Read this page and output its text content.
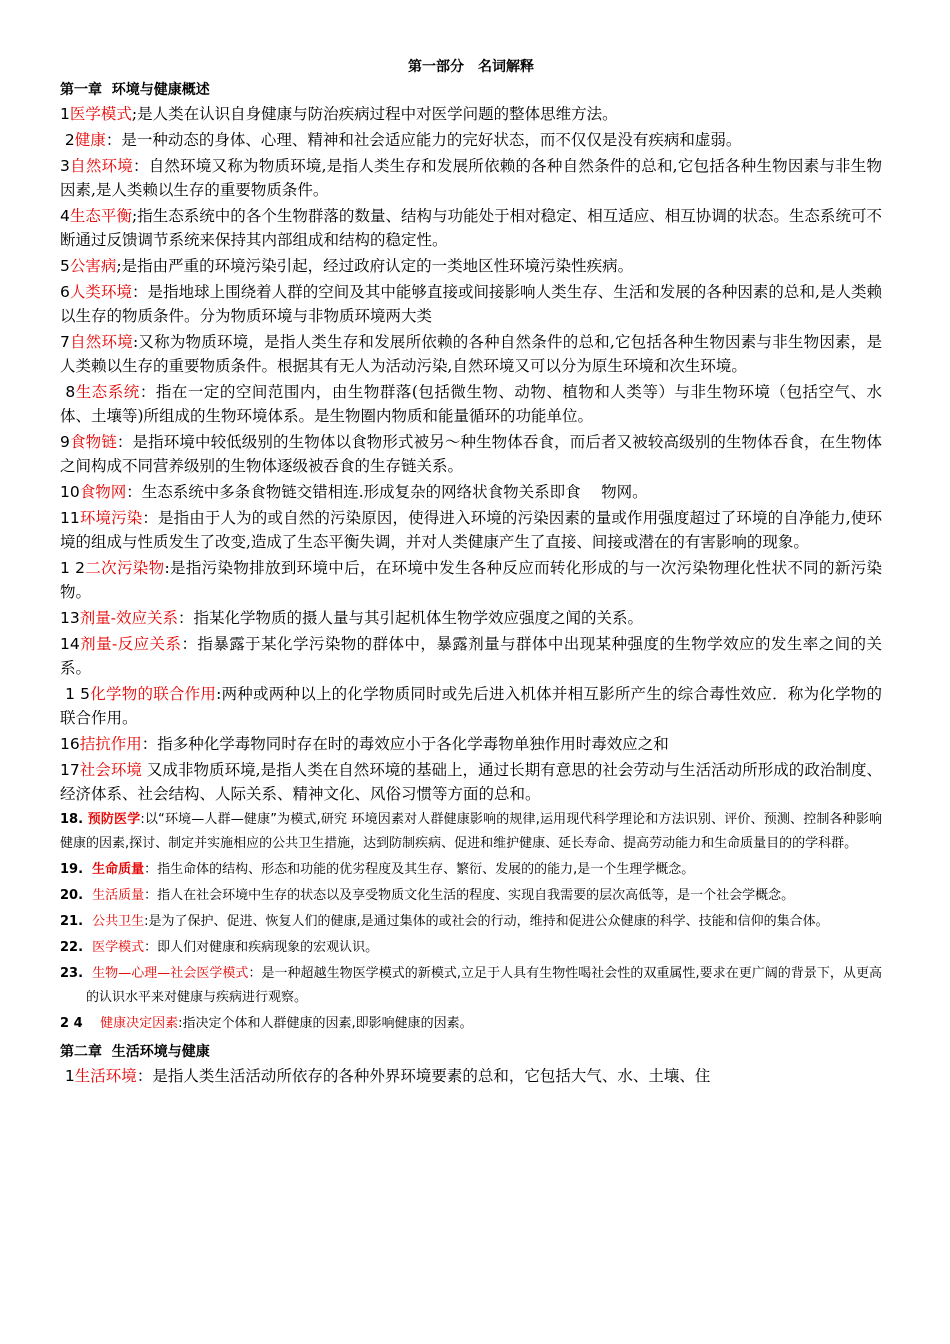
第一部分　名词解释
第一章  环境与健康概述
1医学模式;是人类在认识自身健康与防治疾病过程中对医学问题的整体思维方法。
2健康：是一种动态的身体、心理、精神和社会适应能力的完好状态，而不仅仅是没有疾病和虚弱。
3自然环境：自然环境又称为物质环境,是指人类生存和发展所依赖的各种自然条件的总和,它包括各种生物因素与非生物因素,是人类赖以生存的重要物质条件。
4生态平衡;指生态系统中的各个生物群落的数量、结构与功能处于相对稳定、相互适应、相互协调的状态。生态系统可不断通过反馈调节系统来保持其内部组成和结构的稳定性。
5公害病;是指由严重的环境污染引起，经过政府认定的一类地区性环境污染性疾病。
6人类环境：是指地球上围绕着人群的空间及其中能够直接或间接影响人类生存、生活和发展的各种因素的总和,是人类赖以生存的物质条件。分为物质环境与非物质环境两大类
7自然环境:又称为物质环境，是指人类生存和发展所依赖的各种自然条件的总和,它包括各种生物因素与非生物因素，是人类赖以生存的重要物质条件。根据其有无人为活动污染,自然环境又可以分为原生环境和次生环境。
8生态系统：指在一定的空间范围内，由生物群落(包括微生物、动物、植物和人类等）与非生物环境（包括空气、水体、土壤等)所组成的生物环境体系。是生物圈内物质和能量循环的功能单位。
9食物链：是指环境中较低级别的生物体以食物形式被另～种生物体吞食，而后者又被较高级别的生物体吞食，在生物体之间构成不同营养级别的生物体逐级被吞食的生存链关系。
10食物网：生态系统中多条食物链交错相连.形成复杂的网络状食物关系即食　 物网。
11环境污染：是指由于人为的或自然的污染原因，使得进入环境的污染因素的量或作用强度超过了环境的自净能力,使环境的组成与性质发生了改变,造成了生态平衡失调，并对人类健康产生了直接、间接或潜在的有害影响的现象。
1 2二次污染物:是指污染物排放到环境中后，在环境中发生各种反应而转化形成的与一次污染物理化性状不同的新污染物。
13剂量-效应关系：指某化学物质的摄人量与其引起机体生物学效应强度之闻的关系。
14剂量-反应关系：指暴露于某化学污染物的群体中，暴露剂量与群体中出现某种强度的生物学效应的发生率之间的关系。
1 5化学物的联合作用:两种或两种以上的化学物质同时或先后进入机体并相互影所产生的综合毒性效应．称为化学物的联合作用。
16拮抗作用：指多种化学毒物同时存在时的毒效应小于各化学毒物单独作用时毒效应之和
17社会环境 又成非物质环境,是指人类在自然环境的基础上，通过长期有意思的社会劳动与生活活动所形成的政治制度、经济体系、社会结构、人际关系、精神文化、风俗习惯等方面的总和。
18. 预防医学:以“环境—人群—健康”为模式,研究 环境因素对人群健康影响的规律,运用现代科学理论和方法识别、评价、预测、控制各种影响健康的因素,探讨、制定并实施相应的公共卫生措施，达到防制疾病、促进和维护健康、延长寿命、提高劳动能力和生命质量目的的学科群。
19.  生命质量：指生命体的结构、形态和功能的优劣程度及其生存、繁衍、发展的的能力,是一个生理学概念。
20.  生活质量：指人在社会环境中生存的状态以及享受物质文化生活的程度、实现自我需要的层次高低等，是一个社会学概念。
21.  公共卫生:是为了保护、促进、恢复人们的健康,是通过集体的或社会的行动，维持和促进公众健康的科学、技能和信仰的集合体。
22.  医学模式：即人们对健康和疾病现象的宏观认识。
23.  生物—心理—社会医学模式：是一种超越生物医学模式的新模式,立足于人具有生物性喝社会性的双重属性,要求在更广阔的背景下，从更高的认识水平来对健康与疾病进行观察。
2 4　 健康决定因素:指决定个体和人群健康的因素,即影响健康的因素。
第二章  生活环境与健康
1生活环境：是指人类生活活动所依存的各种外界环境要素的总和，它包括大气、水、土壤、住
